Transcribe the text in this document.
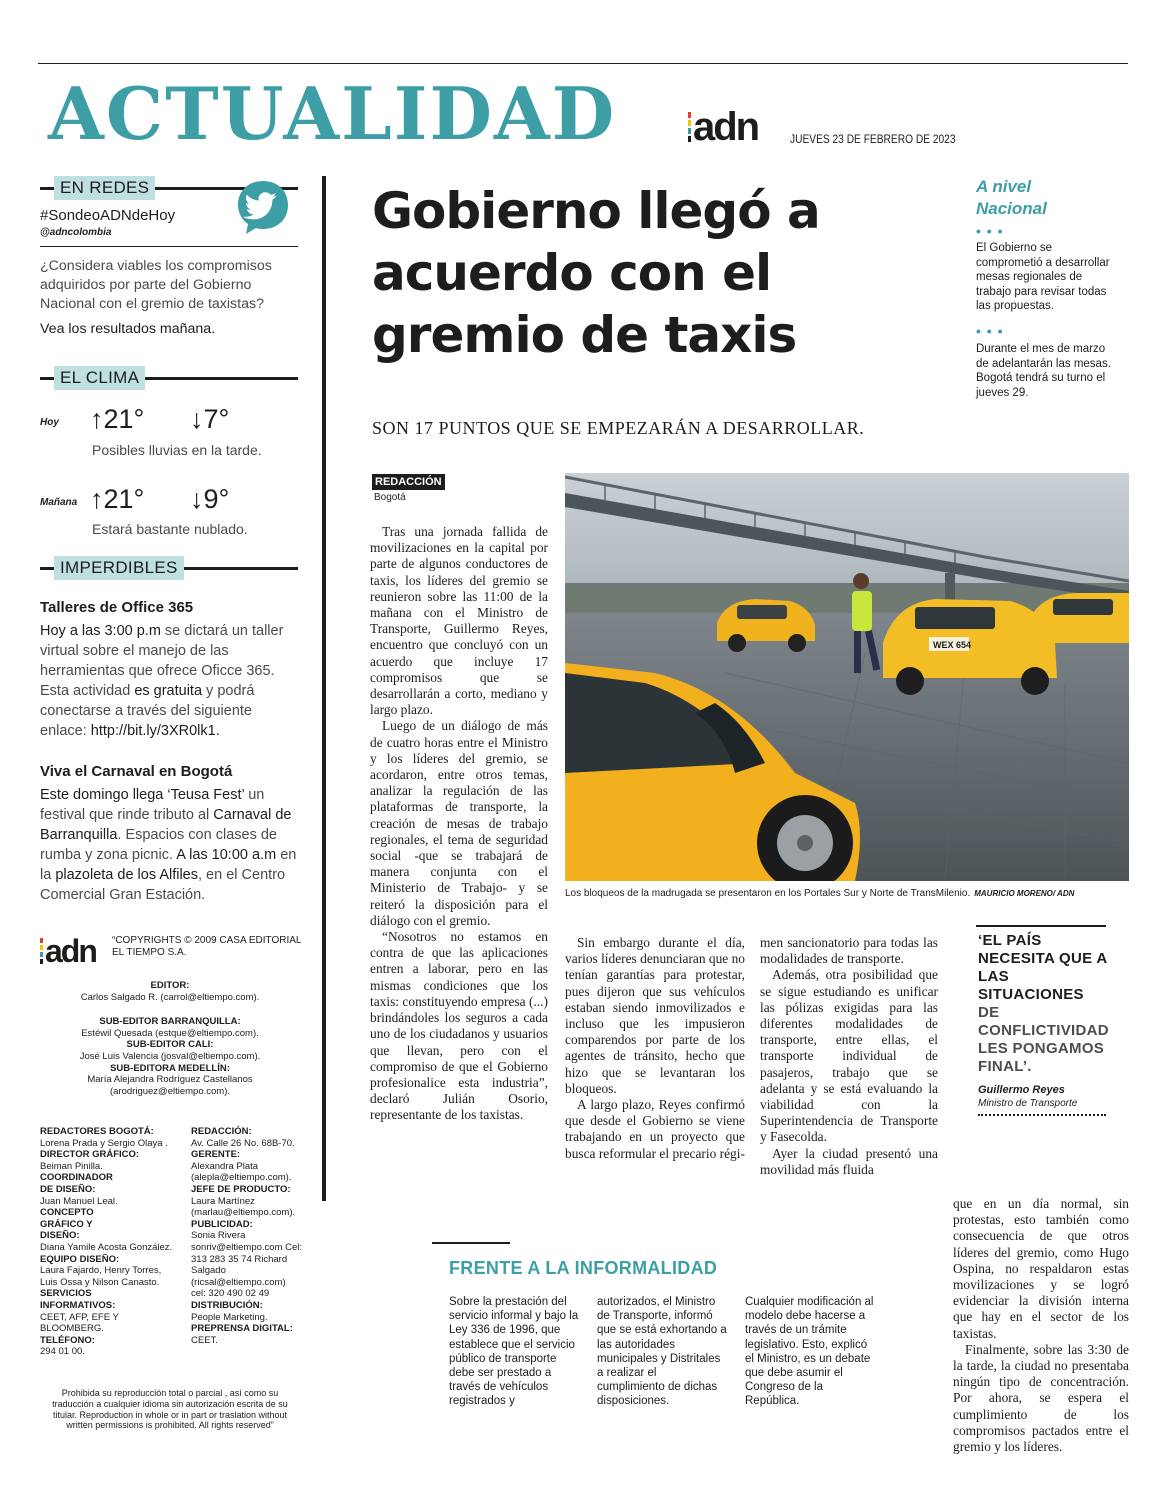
ACTUALIDAD adn	JUEVES 23 DE FEBRERO DE 2023
EN REDES
#SondeoADNdeHoy
@adncolombia
¿Considera viables los compromisos adquiridos por parte del Gobierno Nacional con el gremio de taxistas?
Vea los resultados mañana.
EL CLIMA
Hoy ↑21° ↓7°
Posibles lluvias en la tarde.
Mañana ↑21° ↓9°
Estará bastante nublado.
IMPERDIBLES
Talleres de Office 365
Hoy a las 3:00 p.m se dictará un taller virtual sobre el manejo de las herramientas que ofrece Oficce 365. Esta actividad es gratuita y podrá conectarse a través del siguiente enlace: http://bit.ly/3XR0lk1.
Viva el Carnaval en Bogotá
Este domingo llega ‘Teusa Fest’ un festival que rinde tributo al Carnaval de Barranquilla. Espacios con clases de rumba y zona picnic. A las 10:00 a.m en la plazoleta de los Alfiles, en el Centro Comercial Gran Estación.
adn “COPYRIGHTS © 2009 CASA EDITORIAL EL TIEMPO S.A.
EDITOR:
Carlos Salgado R. (carrol@eltiempo.com).
SUB-EDITOR BARRANQUILLA:
Estéwil Quesada (estque@eltiempo.com).
SUB-EDITOR CALI:
José Luis Valencia (josval@eltiempo.com).
SUB-EDITORA MEDELLÍN:
María Alejandra Rodríguez Castellanos (arodriguez@eltiempo.com).
REDACTORES BOGOTÁ:
Lorena Prada y Sergio Olaya .
DIRECTOR GRÁFICO:
Beiman Pinilla.
COORDINADOR DE DISEÑO:
Juan Manuel Leal.
CONCEPTO GRÁFICO Y DISEÑO:
Diana Yamile Acosta González.
EQUIPO DISEÑO:
Laura Fajardo, Henry Torres, Luis Ossa y Nilson Canasto.
SERVICIOS INFORMATIVOS:
CEET, AFP, EFE Y BLOOMBERG.
TELÉFONO:
294 01 00.
REDACCIÓN:
Av. Calle 26 No. 68B-70.
GERENTE:
Alexandra Plata (aleplа@eltiempo.com).
JEFE DE PRODUCTO:
Laura Martínez (marlau@eltiempo.com).
PUBLICIDAD:
Sonia Rivera sonriv@eltiempo.com Cel: 313 283 35 74 Richard Salgado (ricsal@eltiempo.com) cel: 320 490 02 49
DISTRIBUCIÓN:
People Marketing.
PREPRENSA DIGITAL:
CEET.
Prohibida su reproducción total o parcial , así como su traducción a cualquier idioma sin autorización escrita de su titular. Reproduction in whole or in part or traslation without written permissions is prohibited. All rights reserved”
Gobierno llegó a acuerdo con el gremio de taxis
SON 17 PUNTOS QUE SE EMPEZARÁN A DESARROLLAR.
REDACCIÓN
Bogotá

Tras una jornada fallida de movilizaciones en la capital por parte de algunos conductores de taxis, los líderes del gremio se reunieron sobre las 11:00 de la mañana con el Ministro de Transporte, Guillermo Reyes, encuentro que concluyó con un acuerdo que incluye 17 compromisos que se desarrollarán a corto, mediano y largo plazo.

Luego de un diálogo de más de cuatro horas entre el Ministro y los líderes del gremio, se acordaron, entre otros temas, analizar la regulación de las plataformas de transporte, la creación de mesas de trabajo regionales, el tema de seguridad social -que se trabajará de manera conjunta con el Ministerio de Trabajo- y se reiteró la disposición para el diálogo con el gremio.

“Nosotros no estamos en contra de que las aplicaciones entren a laborar, pero en las mismas condiciones que los taxis: constituyendo empresa (...) brindándoles los seguros a cada uno de los ciudadanos y usuarios que llevan, pero con el compromiso de que el Gobierno profesionalice esta industria”, declaró Julián Osorio, representante de los taxistas.

Sin embargo durante el día, varios líderes denunciaran que no tenían garantías para protestar, pues dijeron que sus vehículos estaban siendo inmovilizados e incluso que les impusieron comparendos por parte de los agentes de tránsito, hecho que hizo que se levantaran los bloqueos.

A largo plazo, Reyes confirmó que desde el Gobierno se viene trabajando en un proyecto que busca reformular el precario régi-

men sancionatorio para todas las modalidades de transporte.

Además, otra posibilidad que se sigue estudiando es unificar las pólizas exigidas para las diferentes modalidades de transporte, entre ellas, el transporte individual de pasajeros, trabajo que se adelanta y se está evaluando la viabilidad con la Superintendencia de Transporte y Fasecolda.

Ayer la ciudad presentó una movilidad más fluida

que en un día normal, sin protestas, esto también como consecuencia de que otros líderes del gremio, como Hugo Ospina, no respaldaron estas movilizaciones y se logró evidenciar la división interna que hay en el sector de los taxistas.

Finalmente, sobre las 3:30 de la tarde, la ciudad no presentaba ningún tipo de concentración. Por ahora, se espera el cumplimiento de los compromisos pactados entre el gremio y los líderes.

WEX 654
Los bloqueos de la madrugada se presentaron en los Portales Sur y Norte de TransMilenio. MAURICIO MORENO/ ADN
A nivel Nacional
• • •
El Gobierno se comprometió a desarrollar mesas regionales de trabajo para revisar todas las propuestas.
• • •
Durante el mes de marzo de adelantarán las mesas. Bogotá tendrá su turno el jueves 29.
‘EL PAÍS NECESITA QUE A LAS SITUACIONES DE CONFLICTIVIDAD LES PONGAMOS FINAL’.
Guillermo Reyes
Ministro de Transporte
FRENTE A LA INFORMALIDAD
Sobre la prestación del servicio informal y bajo la Ley 336 de 1996, que establece que el servicio público de transporte debe ser prestado a través de vehículos registrados y
autorizados, el Ministro de Transporte, informó que se está exhortando a las autoridades municipales y Distritales a realizar el cumplimiento de dichas disposiciones.
Cualquier modificación al modelo debe hacerse a través de un trámite legislativo. Esto, explicó el Ministro, es un debate que debe asumir el Congreso de la República.
